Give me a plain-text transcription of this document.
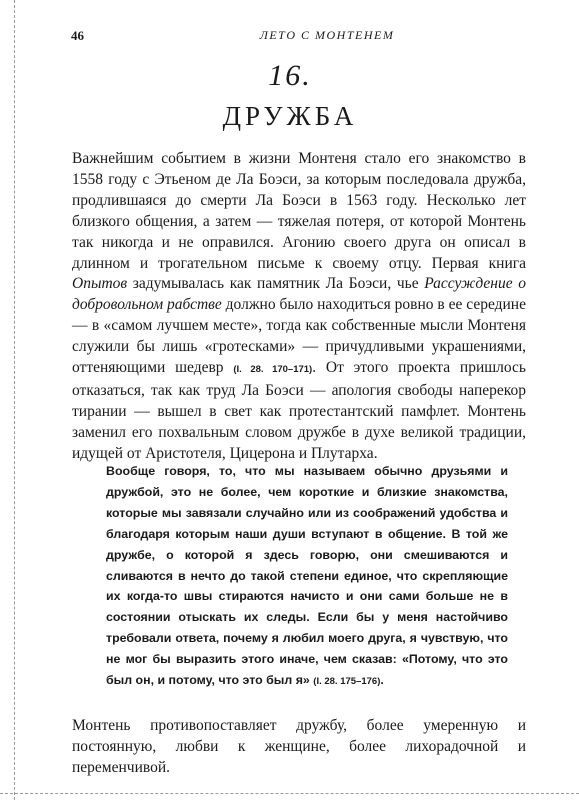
46	ЛЕТО С МОНТЕНЕМ
16.
ДРУЖБА
Важнейшим событием в жизни Монтеня стало его знакомство в 1558 году с Этьеном де Ла Боэси, за которым последовала дружба, продлившаяся до смерти Ла Боэси в 1563 году. Несколько лет близкого общения, а затем — тяжелая потеря, от которой Монтень так никогда и не оправился. Агонию своего друга он описал в длинном и трогательном письме к своему отцу. Первая книга Опытов задумывалась как памятник Ла Боэси, чье Рассуждение о добровольном рабстве должно было находиться ровно в ее середине — в «самом лучшем месте», тогда как собственные мысли Монтеня служили бы лишь «гротесками» — причудливыми украшениями, оттеняющими шедевр (I. 28. 170–171). От этого проекта пришлось отказаться, так как труд Ла Боэси — апология свободы наперекор тирании — вышел в свет как протестантский памфлет. Монтень заменил его похвальным словом дружбе в духе великой традиции, идущей от Аристотеля, Цицерона и Плутарха.
Вообще говоря, то, что мы называем обычно друзьями и дружбой, это не более, чем короткие и близкие знакомства, которые мы завязали случайно или из соображений удобства и благодаря которым наши души вступают в общение. В той же дружбе, о которой я здесь говорю, они смешиваются и сливаются в нечто до такой степени единое, что скрепляющие их когда-то швы стираются начисто и они сами больше не в состоянии отыскать их следы. Если бы у меня настойчиво требовали ответа, почему я любил моего друга, я чувствую, что не мог бы выразить этого иначе, чем сказав: «Потому, что это был он, и потому, что это был я» (I. 28. 175–176).
Монтень противопоставляет дружбу, более умеренную и постоянную, любви к женщине, более лихорадочной и переменчивой.
